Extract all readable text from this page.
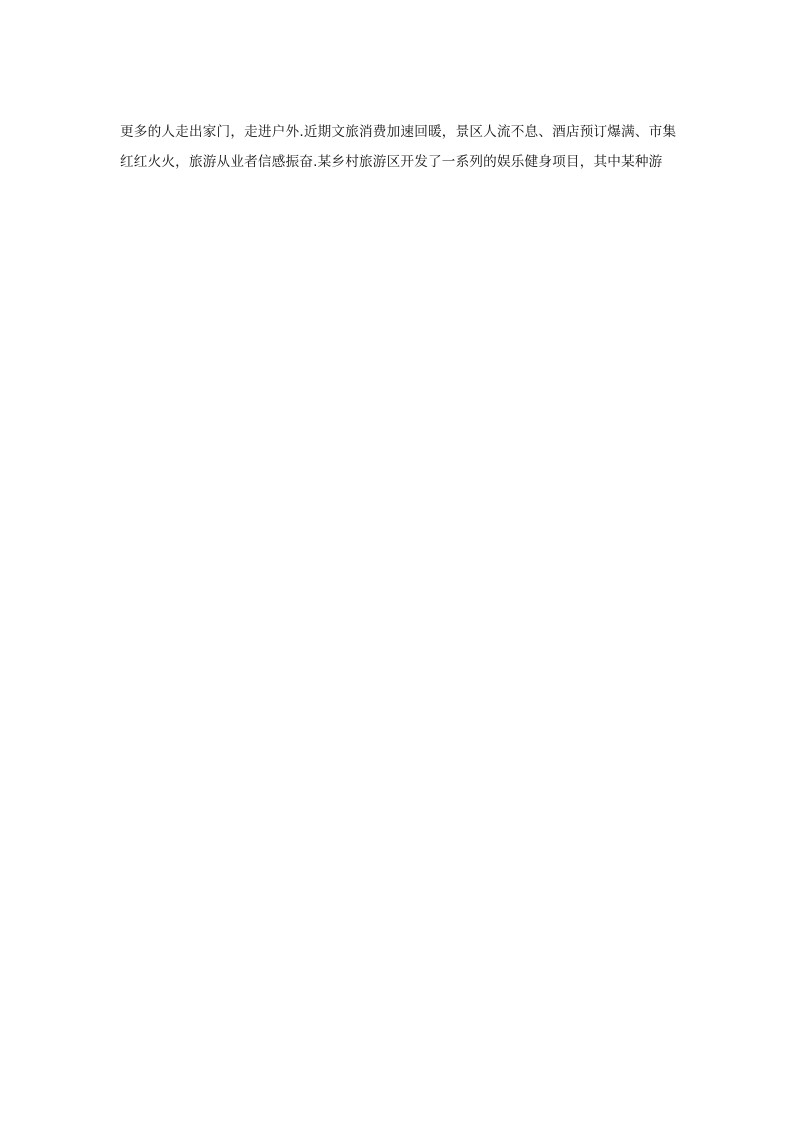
更多的人走出家门，走进户外.近期文旅消费加速回暖，景区人流不息、酒店预订爆满、市集
红红火火，旅游从业者信感振奋.某乡村旅游区开发了一系列的娱乐健身项目，其中某种游
